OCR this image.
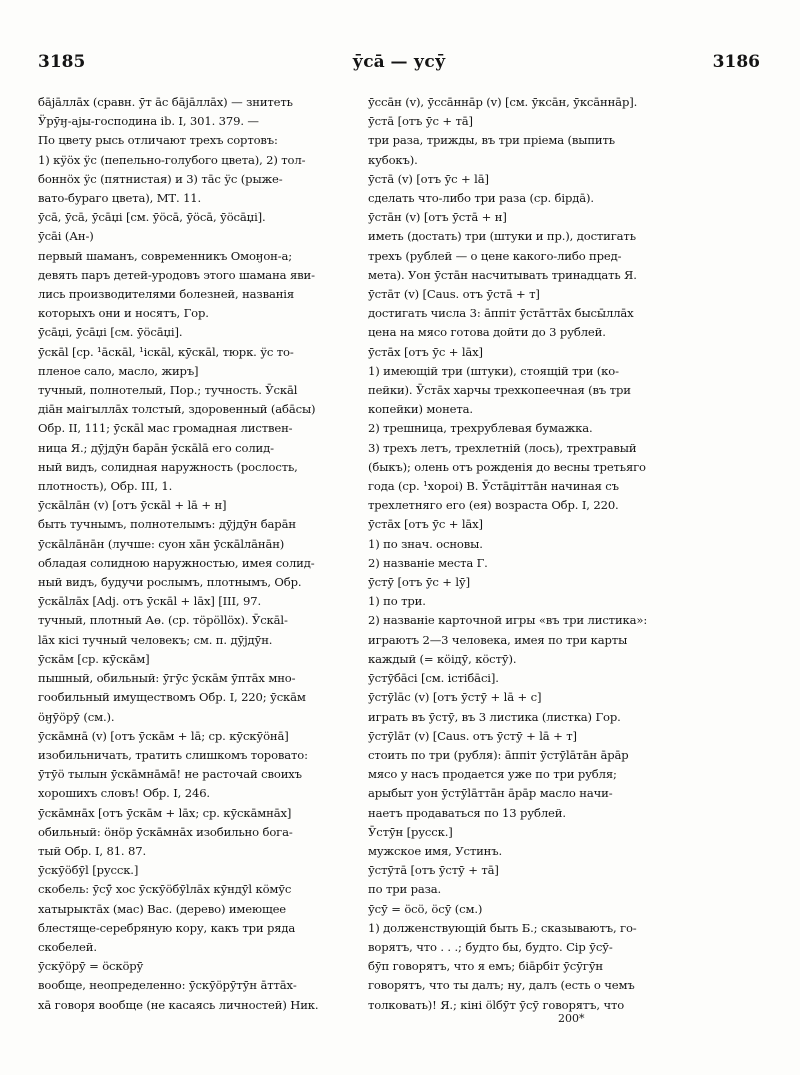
3185	ӯса̄ — усӯ	3186
ба̄ја̄лла̄х (сравн. ӯт а̄с ба̄ја̄лла̄х) — знитеть
Ӱрӯӈ-аjы-господина ib. I, 301. 379. —
По цвету рысь отличают трехъ сортовъ:
1) кӱöх ӱс (пепельно-голубого цвета), 2) тол-
боннöх ӱс (пятнистая) и 3) та̄с ӱс (рыже-
вато-бураго цвета), МТ. 11.
ӯса̄, ӯса̄, ӯса̄џі [см. ӯöса̄, ӯöса̄, ӯöса̄џі].
ӯса̄і (Ан-)
первый шаманъ, современникъ Омоӈон-а;
девять паръ детей-уродовъ этого шамана яви-
лись производителями болезней, названія
которыхъ они и носятъ, Гор.
ӯса̄џі, ӯса̄џі [см. ӯöса̄џі].
ӯска̄l [ср. ¹а̄ска̄l, ¹іска̄l, кӯска̄l, тюрк. ӱс то-
пленое сало, масло, жиръ]
тучный, полнотелый, Пор.; тучность. Ӯска̄l
діа̄н маігылла̄х толстый, здоровенный (аба̄сы)
Обр. II, 111; ӯска̄l мас громадная листвен-
ница Я.; дӯјдӯн бара̄н ӯска̄lа̄ его солид-
ный видъ, солидная наружность (рослость,
плотность), Обр. III, 1.
ӯска̄lла̄н (v) [отъ ӯска̄l + lа̄ + н]
быть тучнымъ, полнотелымъ: дӯјдӯн бара̄н
ӯска̄lла̄на̄н (лучше: суон ха̄н ӯска̄lла̄на̄н)
обладая солидною наружностью, имея солид-
ный видъ, будучи рослымъ, плотнымъ, Обр.
ӯска̄lла̄х [Adj. отъ ӯска̄l + lа̄х] [III, 97.
тучный, плотный Аө. (ср. тöрöllöх). Ӯска̄l-
lа̄х кісі тучный человекъ; см. п. дӯјдӯн.
ӯска̄м [ср. кӯска̄м]
пышный, обильный: ӯгӯс ӯска̄м ӯпта̄х мно-
гообильный имуществомъ Обр. I, 220; ӯска̄м
öӈӯöрӯ (см.).
ӯска̄мна̄ (v) [отъ ӯска̄м + lа̄; ср. кӯскӯöна̄]
изобильничать, тратить слишкомъ торовато:
ӯтӯö тылын ӯска̄мна̄ма̄! не расточай своихъ
хорошихъ словъ! Обр. I, 246.
ӯска̄мна̄х [отъ ӯска̄м + lа̄х; ср. кӯска̄мна̄х]
обильный: öнöр ӯска̄мна̄х изобильно бога-
тый Обр. I, 81. 87.
ӯскӯöбӯl [русск.]
скобель: ӯсӯ̄ хос ӯскӯöбӯlла̄х кӯндӯl кöмӯс
хатырыкта̄х (мас) Вас. (дерево) имеющее
блестяще-серебряную кору, какъ три ряда
скобелей.
ӯскӯöрӯ = öскöрӯ
вообще, неопределенно: ӯскӯöрӯтӯн а̄тта̄х-
ха̄ говоря вообще (не касаясь личностей) Ник.
ӯсса̄н (v), ӯсса̄нна̄р (v) [см. ӯкса̄н, ӯкса̄нна̄р].
ӯста̄ [отъ ӯс + та̄]
три раза, трижды, въ три пріема (выпить
кубокъ).
ӯста̄ (v) [отъ ӯс + lа̄]
сделать что-либо три раза (ср. бірда̄).
ӯста̄н (v) [отъ ӯста̄ + н]
иметь (достать) три (штуки и пр.), достигать
трехъ (рублей — о цене какого-либо пред-
мета). Уон ӯста̄н насчитывать тринадцать Я.
ӯста̄т (v) [Caus. отъ ӯста̄ + т]
достигать числа 3: а̄ппіт ӯста̄тта̄х бысы̄лла̄х
цена на мясо готова дойти до 3 рублей.
ӯста̄х [отъ ӯс + lа̄х]
1) имеющій три (штуки), стоящій три (ко-
пейки). Ӯста̄х харчы трехкопеечная (въ три
копейки) монета.
2) трешница, трехрублевая бумажка.
3) трехъ летъ, трехлетній (лось), трехтравый
(быкъ); олень отъ рожденія до весны третьяго
года (ср. ¹хороі) В. Ӯста̄џітта̄н начиная съ
трехлетняго его (ея) возраста Обр. I, 220.
ӯста̄х [отъ ӯс + lа̄х]
1) по знач. основы.
2) названіе места Г.
ӯстӯ [отъ ӯс + lӯ]
1) по три.
2) названіе карточной игры «въ три листика»:
играютъ 2—3 человека, имея по три карты
каждый (= кöідӯ, кöстӯ).
ӯстӯба̄сі [см. істіба̄сі].
ӯстӯlа̄с (v) [отъ ӯстӯ + lа̄ + с]
играть въ ӯстӯ, въ 3 листика (листка) Гор.
ӯстӯlа̄т (v) [Caus. отъ ӯстӯ + lа̄ + т]
стоить по три (рубля): а̄ппіт ӯстӯlа̄та̄н а̄ра̄р
мясо у насъ продается уже по три рубля;
арыбыт уон ӯстӯlа̄тта̄н а̄ра̄р масло начи-
наетъ продаваться по 13 рублей.
Ӯстӯн [русск.]
мужское имя, Устинъ.
ӯстӯта̄ [отъ ӯстӯ + та̄]
по три раза.
ӯсӯ = öсö, öсӯ (см.)
1) долженствующій быть Б.; сказываютъ, го-
ворятъ, что . . .; будто бы, будто. Сір ӯсӯ-
бӯп говорятъ, что я емъ; біа̄рбіт ӯсӯгӯн
говорятъ, что ты далъ; ну, далъ (есть о чемъ
толковать)! Я.; кіні ölбӯт ӯсӯ говорятъ, что
200*
